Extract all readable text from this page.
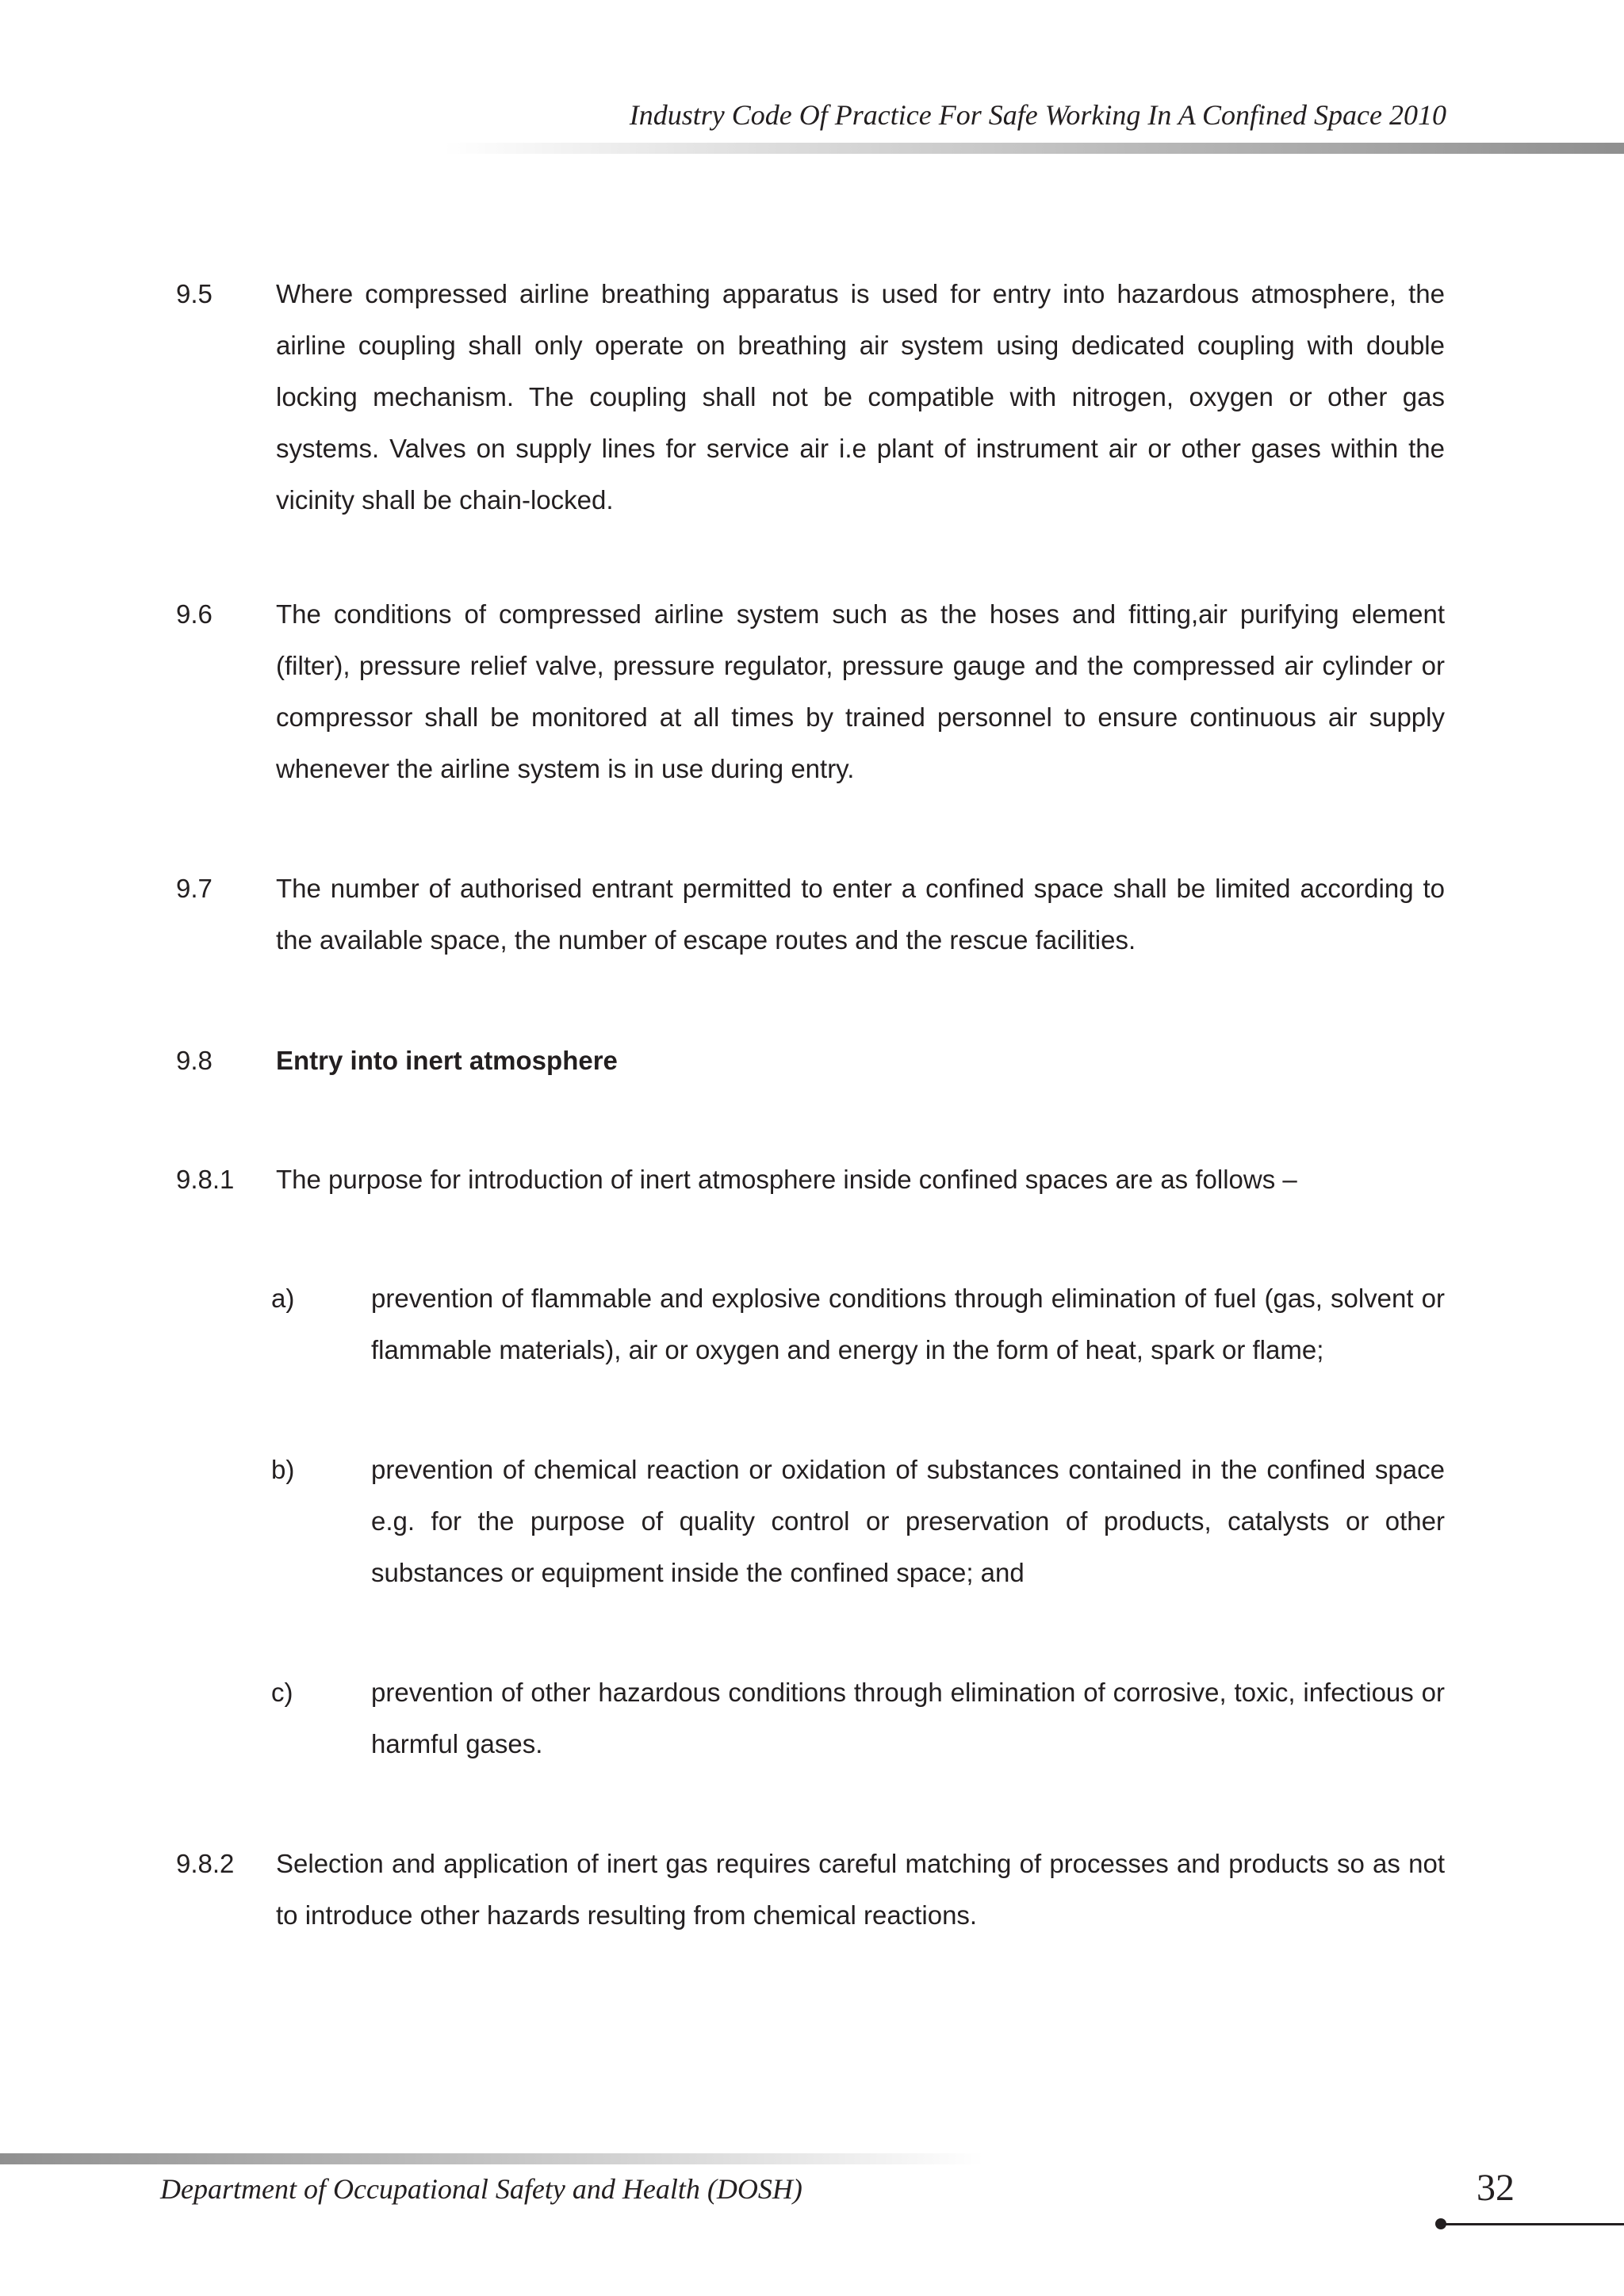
Industry Code Of Practice For Safe Working In A Confined Space 2010
9.5 Where compressed airline breathing apparatus is used for entry into hazardous atmosphere, the airline coupling shall only operate on breathing air system using dedicated coupling with double locking mechanism. The coupling shall not be compatible with nitrogen, oxygen or other gas systems. Valves on supply lines for service air i.e plant of instrument air or other gases within the vicinity shall be chain-locked.
9.6 The conditions of compressed airline system such as the hoses and fitting,air purifying element (filter), pressure relief valve, pressure regulator, pressure gauge and the compressed air cylinder or compressor shall be monitored at all times by trained personnel to ensure continuous air supply whenever the airline system is in use during entry.
9.7 The number of authorised entrant permitted to enter a confined space shall be limited according to the available space, the number of escape routes and the rescue facilities.
9.8 Entry into inert atmosphere
9.8.1 The purpose for introduction of inert atmosphere inside confined spaces are as follows –
a)	prevention of flammable and explosive conditions through elimination of fuel (gas, solvent or flammable materials), air or oxygen and energy in the form of heat, spark or flame;
b)	prevention of chemical reaction or oxidation of substances contained in the confined space e.g. for the purpose of quality control or preservation of products, catalysts or other substances or equipment inside the confined space; and
c)	prevention of other hazardous conditions through elimination of corrosive, toxic, infectious or harmful gases.
9.8.2 Selection and application of inert gas requires careful matching of processes and products so as not to introduce other hazards resulting from chemical reactions.
Department of Occupational Safety and Health (DOSH)	32
